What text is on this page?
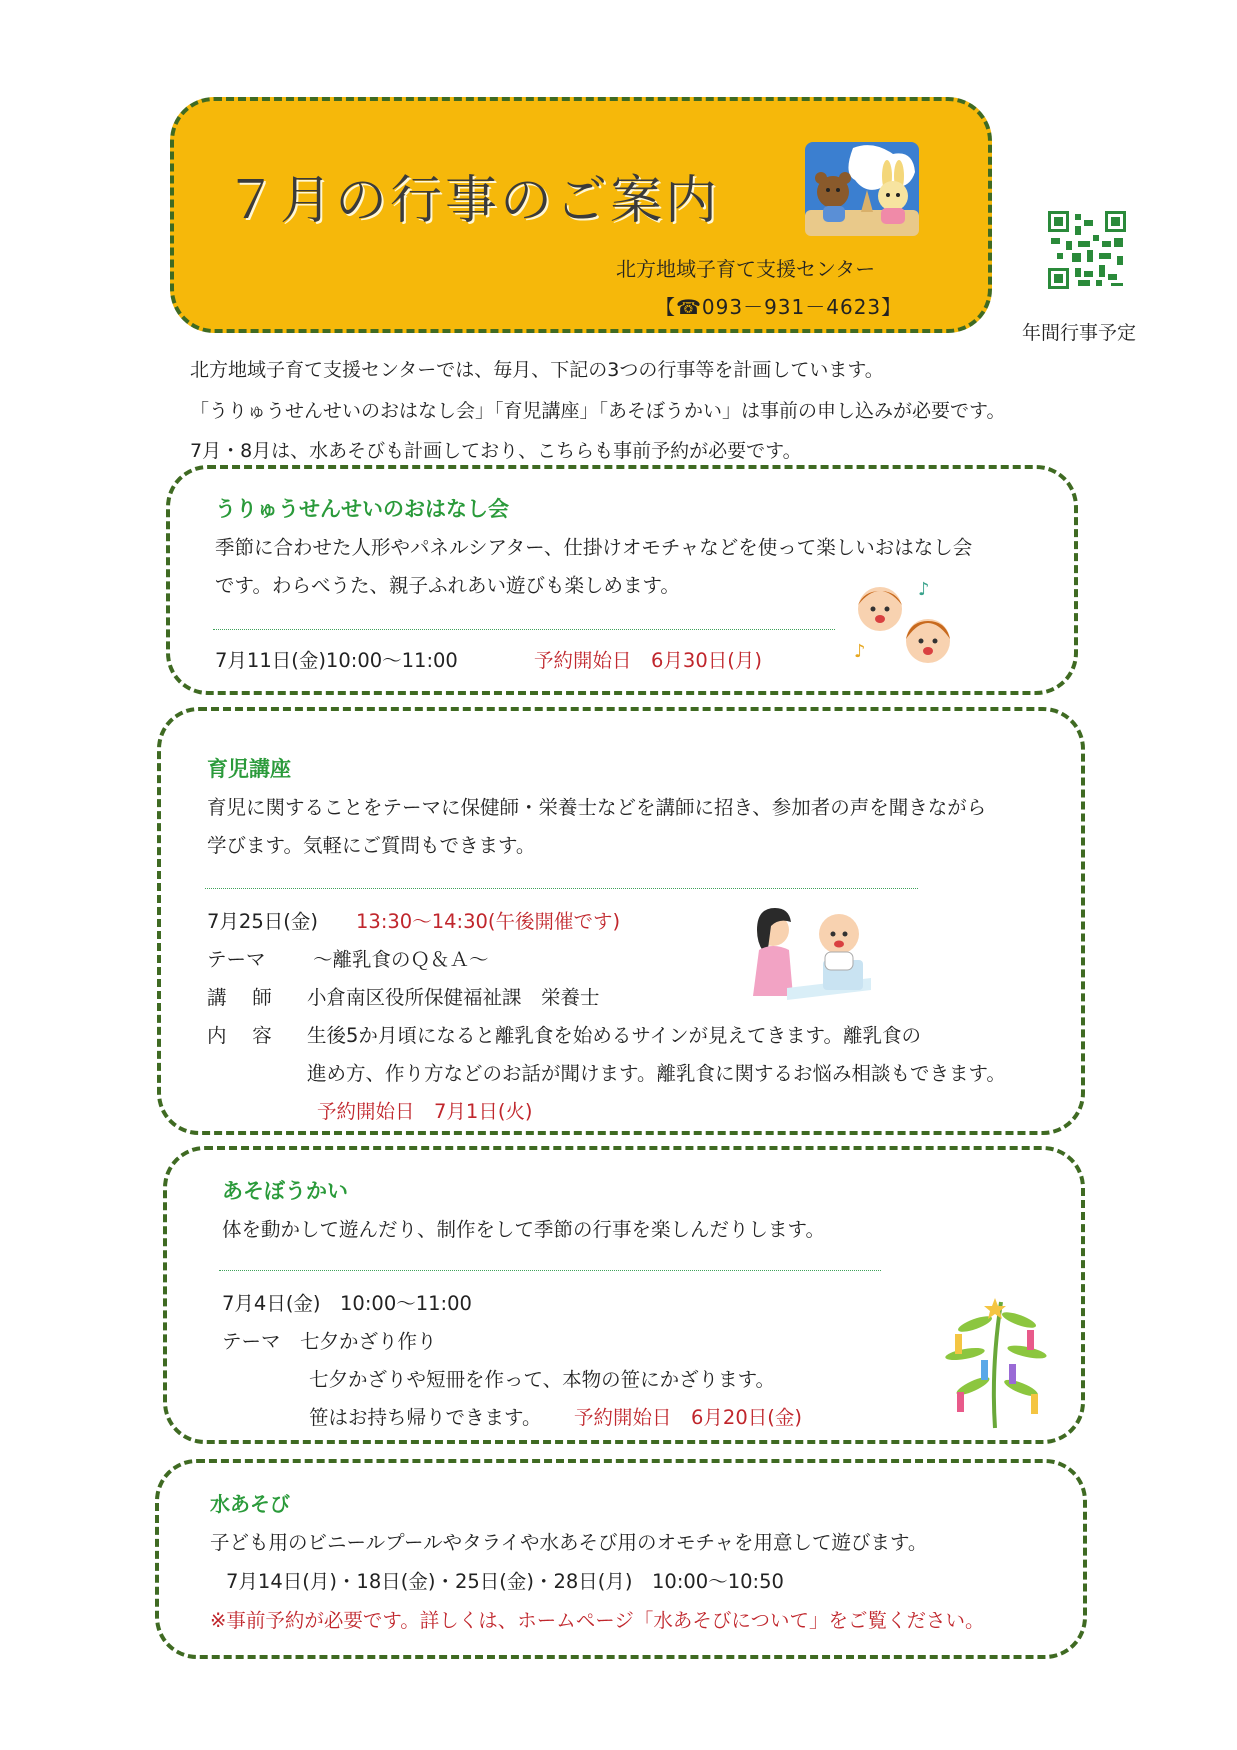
７月の行事のご案内
北方地域子育て支援センター
【☎093－931－4623】
年間行事予定
北方地域子育て支援センターでは、毎月、下記の3つの行事等を計画しています。
「うりゅうせんせいのおはなし会」「育児講座」「あそぼうかい」は事前の申し込みが必要です。
7月・8月は、水あそびも計画しており、こちらも事前予約が必要です。
うりゅうせんせいのおはなし会
季節に合わせた人形やパネルシアター、仕掛けオモチャなどを使って楽しいおはなし会
です。わらべうた、親子ふれあい遊びも楽しめます。
7月11日(金)10:00～11:00	予約開始日　6月30日(月)
♪
♪
育児講座
育児に関することをテーマに保健師・栄養士などを講師に招き、参加者の声を聞きながら
学びます。気軽にご質問もできます。
7月25日(金) 13:30～14:30(午後開催です)
テーマ ～離乳食のＱ＆Ａ～
講　 師 小倉南区役所保健福祉課　栄養士
内　 容 生後5か月頃になると離乳食を始めるサインが見えてきます。離乳食の
進め方、作り方などのお話が聞けます。離乳食に関するお悩み相談もできます。
予約開始日　7月1日(火)
あそぼうかい
体を動かして遊んだり、制作をして季節の行事を楽しんだりします。
7月4日(金)　10:00～11:00
テーマ　七夕かざり作り
七夕かざりや短冊を作って、本物の笹にかざります。
笹はお持ち帰りできます。 予約開始日　6月20日(金)
水あそび
子ども用のビニールプールやタライや水あそび用のオモチャを用意して遊びます。
7月14日(月)・18日(金)・25日(金)・28日(月)　10:00～10:50
※事前予約が必要です。詳しくは、ホームページ「水あそびについて」をご覧ください。
